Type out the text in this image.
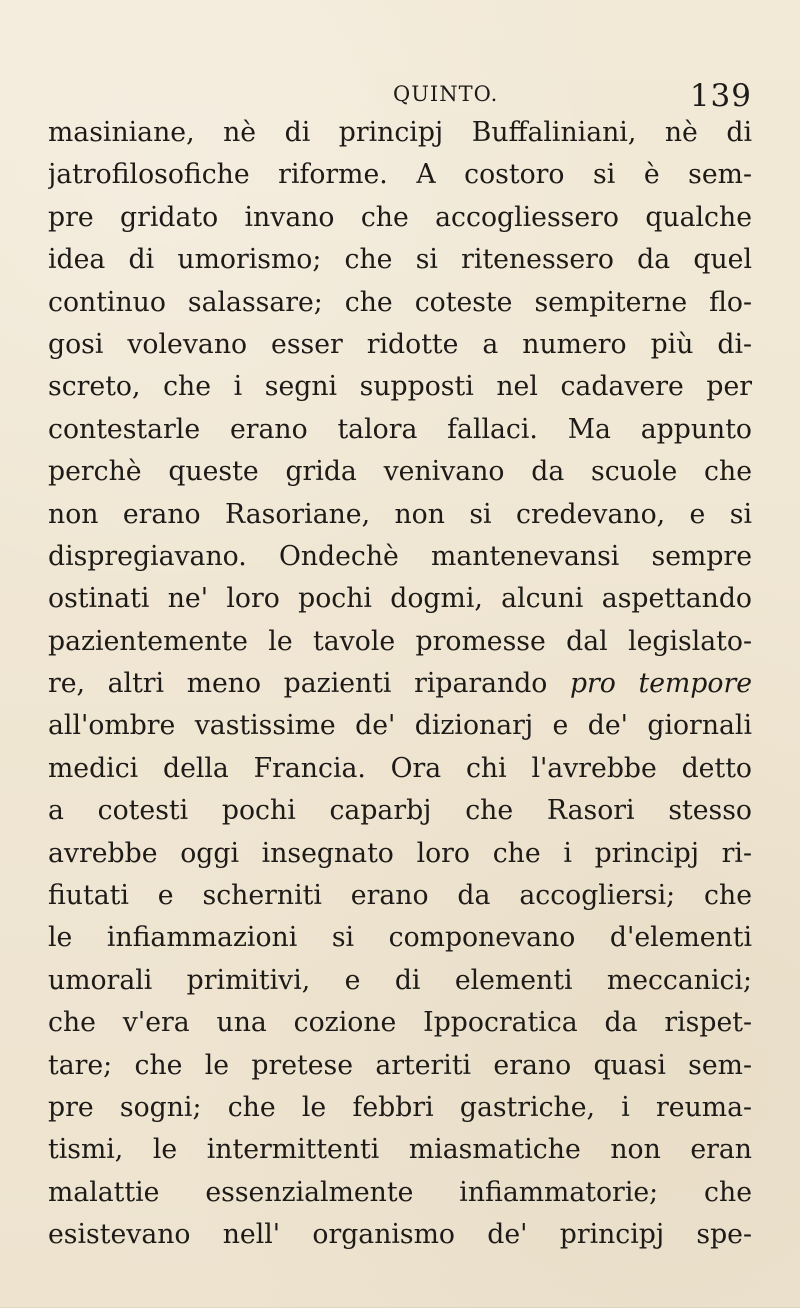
QUINTO.	139
masiniane, nè di principj Buffaliniani, nè di
jatrofilosofiche riforme. A costoro si è sem-
pre gridato invano che accogliessero qualche
idea di umorismo; che si ritenessero da quel
continuo salassare; che coteste sempiterne flo-
gosi volevano esser ridotte a numero più di-
screto, che i segni supposti nel cadavere per
contestarle erano talora fallaci. Ma appunto
perchè queste grida venivano da scuole che
non erano Rasoriane, non si credevano, e si
dispregiavano. Ondechè mantenevansi sempre
ostinati ne' loro pochi dogmi, alcuni aspettando
pazientemente le tavole promesse dal legislato-
re, altri meno pazienti riparando pro tempore
all'ombre vastissime de' dizionarj e de' giornali
medici della Francia. Ora chi l'avrebbe detto
a cotesti pochi caparbj che Rasori stesso
avrebbe oggi insegnato loro che i principj ri-
fiutati e scherniti erano da accogliersi; che
le infiammazioni si componevano d'elementi
umorali primitivi, e di elementi meccanici;
che v'era una cozione Ippocratica da rispet-
tare; che le pretese arteriti erano quasi sem-
pre sogni; che le febbri gastriche, i reuma-
tismi, le intermittenti miasmatiche non eran
malattie essenzialmente infiammatorie; che
esistevano nell' organismo de' principj spe-
